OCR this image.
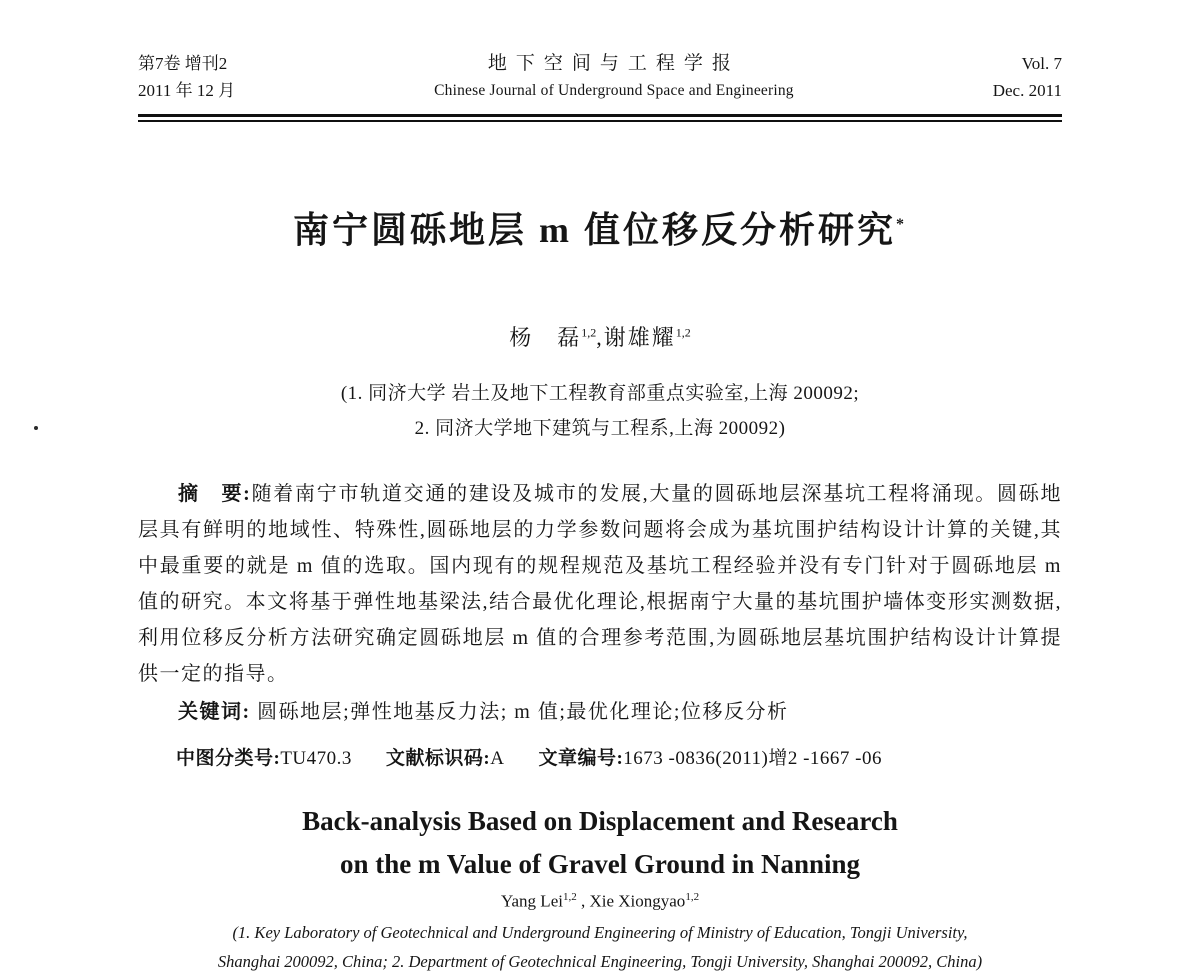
第7卷 增刊2
2011 年 12 月
地下空间与工程学报
Chinese Journal of Underground Space and Engineering
Vol. 7
Dec. 2011
南宁圆砾地层 m 值位移反分析研究*
杨　磊$^{1,2}$,谢雄耀$^{1,2}$
(1. 同济大学 岩土及地下工程教育部重点实验室,上海 200092;
2. 同济大学地下建筑与工程系,上海 200092)
摘　要:随着南宁市轨道交通的建设及城市的发展,大量的圆砾地层深基坑工程将涌现。圆砾地层具有鲜明的地域性、特殊性,圆砾地层的力学参数问题将会成为基坑围护结构设计计算的关键,其中最重要的就是 m 值的选取。国内现有的规程规范及基坑工程经验并没有专门针对于圆砾地层 m 值的研究。本文将基于弹性地基梁法,结合最优化理论,根据南宁大量的基坑围护墙体变形实测数据,利用位移反分析方法研究确定圆砾地层 m 值的合理参考范围,为圆砾地层基坑围护结构设计计算提供一定的指导。
关键词: 圆砾地层;弹性地基反力法; m 值;最优化理论;位移反分析
中图分类号:TU470.3 文献标识码:A 文章编号:1673 -0836(2011)增2 -1667 -06
Back-analysis Based on Displacement and Research
on the m Value of Gravel Ground in Nanning
Yang Lei$^{1,2}$ , Xie Xiongyao$^{1,2}$
(1. Key Laboratory of Geotechnical and Underground Engineering of Ministry of Education, Tongji University,
Shanghai 200092, China; 2. Department of Geotechnical Engineering, Tongji University, Shanghai 200092, China)
